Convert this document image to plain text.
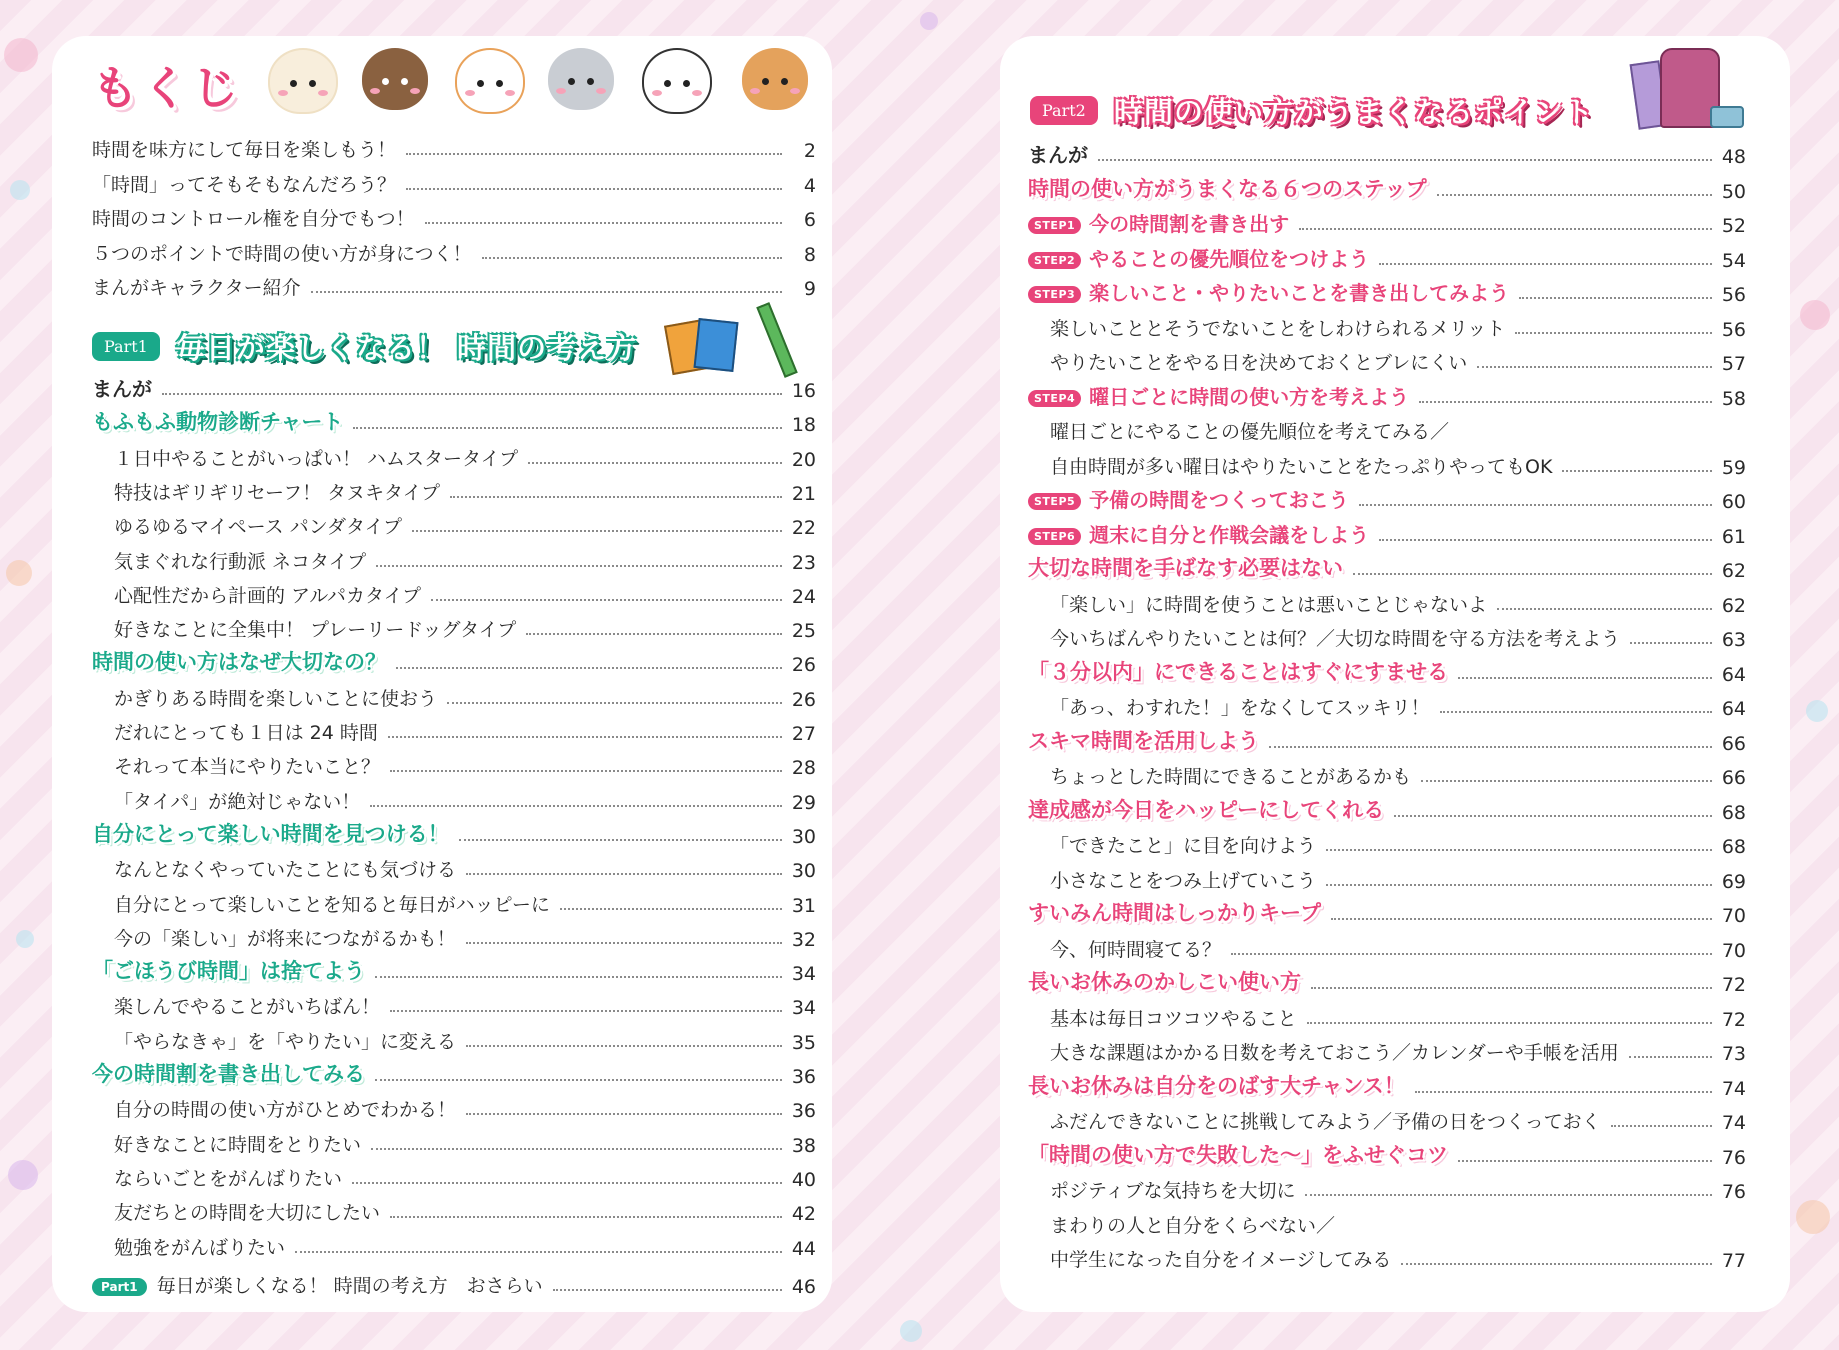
もくじ
時間を味方にして毎日を楽しもう！	2
「時間」ってそもそもなんだろう？	4
時間のコントロール権を自分でもつ！	6
５つのポイントで時間の使い方が身につく！	8
まんがキャラクター紹介	9
Part1 毎日が楽しくなる！ 時間の考え方
まんが	16
もふもふ動物診断チャート	18
１日中やることがいっぱい！ ハムスタータイプ	20
特技はギリギリセーフ！ タヌキタイプ	21
ゆるゆるマイペース パンダタイプ	22
気まぐれな行動派 ネコタイプ	23
心配性だから計画的 アルパカタイプ	24
好きなことに全集中！ プレーリードッグタイプ	25
時間の使い方はなぜ大切なの？	26
かぎりある時間を楽しいことに使おう	26
だれにとっても１日は 24 時間	27
それって本当にやりたいこと？	28
「タイパ」が絶対じゃない！	29
自分にとって楽しい時間を見つける！	30
なんとなくやっていたことにも気づける	30
自分にとって楽しいことを知ると毎日がハッピーに	31
今の「楽しい」が将来につながるかも！	32
「ごほうび時間」は捨てよう	34
楽しんでやることがいちばん！	34
「やらなきゃ」を「やりたい」に変える	35
今の時間割を書き出してみる	36
自分の時間の使い方がひとめでわかる！	36
好きなことに時間をとりたい	38
ならいごとをがんばりたい	40
友だちとの時間を大切にしたい	42
勉強をがんばりたい	44
Part1 毎日が楽しくなる！ 時間の考え方　おさらい	46
Part2 時間の使い方がうまくなるポイント
まんが	48
時間の使い方がうまくなる６つのステップ	50
STEP1 今の時間割を書き出す	52
STEP2 やることの優先順位をつけよう	54
STEP3 楽しいこと・やりたいことを書き出してみよう	56
楽しいこととそうでないことをしわけられるメリット	56
やりたいことをやる日を決めておくとブレにくい	57
STEP4 曜日ごとに時間の使い方を考えよう	58
曜日ごとにやることの優先順位を考えてみる／
自由時間が多い曜日はやりたいことをたっぷりやってもOK	59
STEP5 予備の時間をつくっておこう	60
STEP6 週末に自分と作戦会議をしよう	61
大切な時間を手ばなす必要はない	62
「楽しい」に時間を使うことは悪いことじゃないよ	62
今いちばんやりたいことは何？／大切な時間を守る方法を考えよう	63
「３分以内」にできることはすぐにすませる	64
「あっ、わすれた！」をなくしてスッキリ！	64
スキマ時間を活用しよう	66
ちょっとした時間にできることがあるかも	66
達成感が今日をハッピーにしてくれる	68
「できたこと」に目を向けよう	68
小さなことをつみ上げていこう	69
すいみん時間はしっかりキープ	70
今、何時間寝てる？	70
長いお休みのかしこい使い方	72
基本は毎日コツコツやること	72
大きな課題はかかる日数を考えておこう／カレンダーや手帳を活用	73
長いお休みは自分をのばす大チャンス！	74
ふだんできないことに挑戦してみよう／予備の日をつくっておく	74
「時間の使い方で失敗した〜」をふせぐコツ	76
ポジティブな気持ちを大切に	76
まわりの人と自分をくらべない／
中学生になった自分をイメージしてみる	77
